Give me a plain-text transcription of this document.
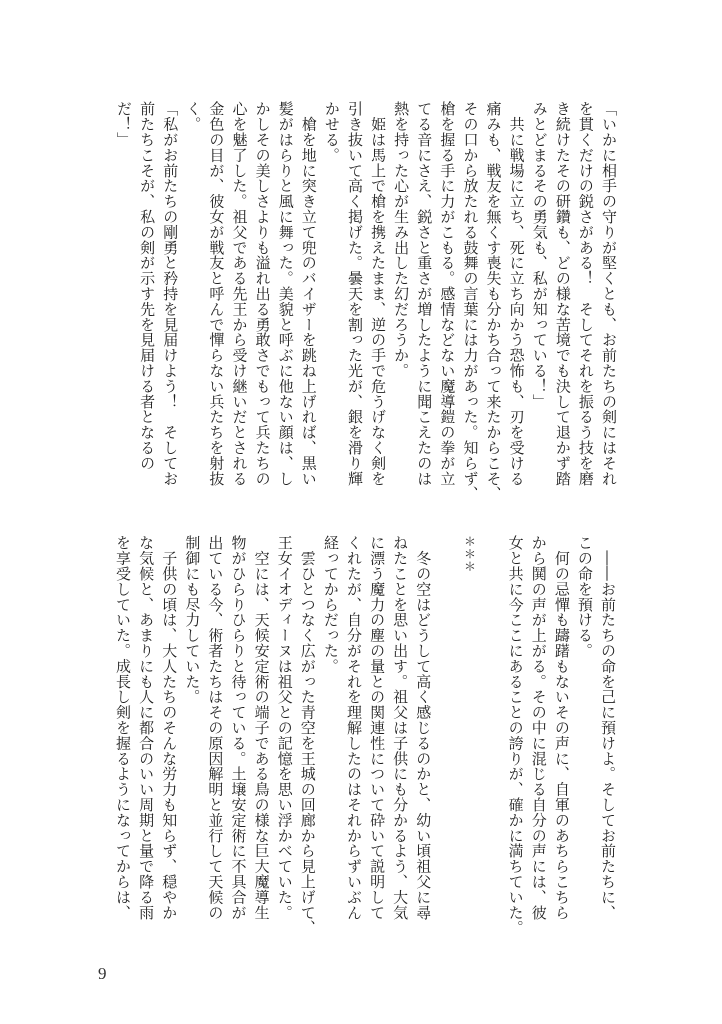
「いかに相手の守りが堅くとも、お前たちの剣にはそれ
を貫くだけの鋭さがある！　そしてそれを振るう技を磨
き続けたその研鑽も、どの様な苦境でも決して退かず踏
みとどまるその勇気も、私が知っている！」
　共に戦場に立ち、死に立ち向かう恐怖も、刃を受ける
痛みも、戦友を無くす喪失も分かち合って来たからこそ、
その口から放たれる鼓舞の言葉には力があった。知らず、
槍を握る手に力がこもる。感情などない魔導鎧の拳が立
てる音にさえ、鋭さと重さが増したように聞こえたのは
熱を持った心が生み出した幻だろうか。
　姫は馬上で槍を携えたまま、逆の手で危うげなく剣を
引き抜いて高く掲げた。曇天を割った光が、銀を滑り輝
かせる。
　槍を地に突き立て兜のバイザーを跳ね上げれば、黒い
髪がはらりと風に舞った。美貌と呼ぶに他ない顔は、し
かしその美しさよりも溢れ出る勇敢さでもって兵たちの
心を魅了した。祖父である先王から受け継いだとされる
金色の目が、彼女が戦友と呼んで憚らない兵たちを射抜
く。
「私がお前たちの剛勇と矜持を見届けよう！　そしてお
前たちこそが、私の剣が示す先を見届ける者となるの
だ！」
　――お前たちの命を己に預けよ。そしてお前たちに、
この命を預ける。
　何の忌憚も躊躇もないその声に、自軍のあちらこちら
から鬨の声が上がる。その中に混じる自分の声には、彼
女と共に今ここにあることの誇りが、確かに満ちていた。
＊＊＊
　冬の空はどうして高く感じるのかと、幼い頃祖父に尋
ねたことを思い出す。祖父は子供にも分かるよう、大気
に漂う魔力の塵の量との関連性について砕いて説明して
くれたが、自分がそれを理解したのはそれからずいぶん
経ってからだった。
　雲ひとつなく広がった青空を王城の回廊から見上げて、
王女イオディーヌは祖父との記憶を思い浮かべていた。
　空には、天候安定術の端子である鳥の様な巨大魔導生
物がひらりひらりと待っている。土壌安定術に不具合が
出ている今、術者たちはその原因解明と並行して天候の
制御にも尽力していた。
　子供の頃は、大人たちのそんな労力も知らず、穏やか
な気候と、あまりにも人に都合のいい周期と量で降る雨
を享受していた。成長し剣を握るようになってからは、
9
